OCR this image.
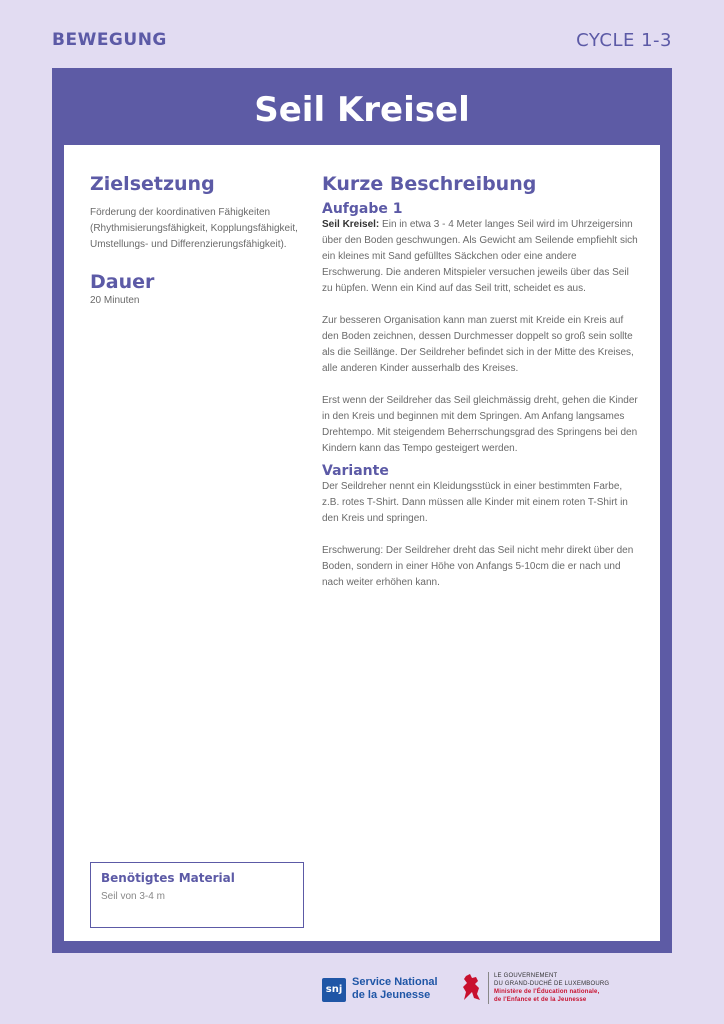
BEWEGUNG	CYCLE 1-3
Seil Kreisel
Zielsetzung

Förderung der koordinativen Fähigkeiten (Rhythmisierungsfähigkeit, Kopplungsfähigkeit, Umstellungs- und Differenzierungsfähigkeit).

Dauer

20 Minuten

Kurze Beschreibung
Aufgabe 1

Seil Kreisel: Ein in etwa 3 - 4 Meter langes Seil wird im Uhrzeigersinn über den Boden geschwungen. Als Gewicht am Seilende empfiehlt sich ein kleines mit Sand gefülltes Säckchen oder eine andere Erschwerung. Die anderen Mitspieler versuchen jeweils über das Seil zu hüpfen. Wenn ein Kind auf das Seil tritt, scheidet es aus.

Zur besseren Organisation kann man zuerst mit Kreide ein Kreis auf den Boden zeichnen, dessen Durchmesser doppelt so groß sein sollte als die Seillänge. Der Seildreher befindet sich in der Mitte des Kreises, alle anderen Kinder ausserhalb des Kreises.

Erst wenn der Seildreher das Seil gleichmässig dreht, gehen die Kinder in den Kreis und beginnen mit dem Springen. Am Anfang langsames Drehtempo. Mit steigendem Beherrschungsgrad des Springens bei den Kindern kann das Tempo gesteigert werden.

Variante

Der Seildreher nennt ein Kleidungsstück in einer bestimmten Farbe, z.B. rotes T-Shirt. Dann müssen alle Kinder mit einem roten T-Shirt in den Kreis und springen.

Erschwerung: Der Seildreher dreht das Seil nicht mehr direkt über den Boden, sondern in einer Höhe von Anfangs 5-10cm die er nach und nach weiter erhöhen kann.

Benötigtes Material
Seil von 3-4 m
snj
Service National
de la Jeunesse
LE GOUVERNEMENT
DU GRAND-DUCHÉ DE LUXEMBOURG
Ministère de l'Éducation nationale,
de l'Enfance et de la Jeunesse
